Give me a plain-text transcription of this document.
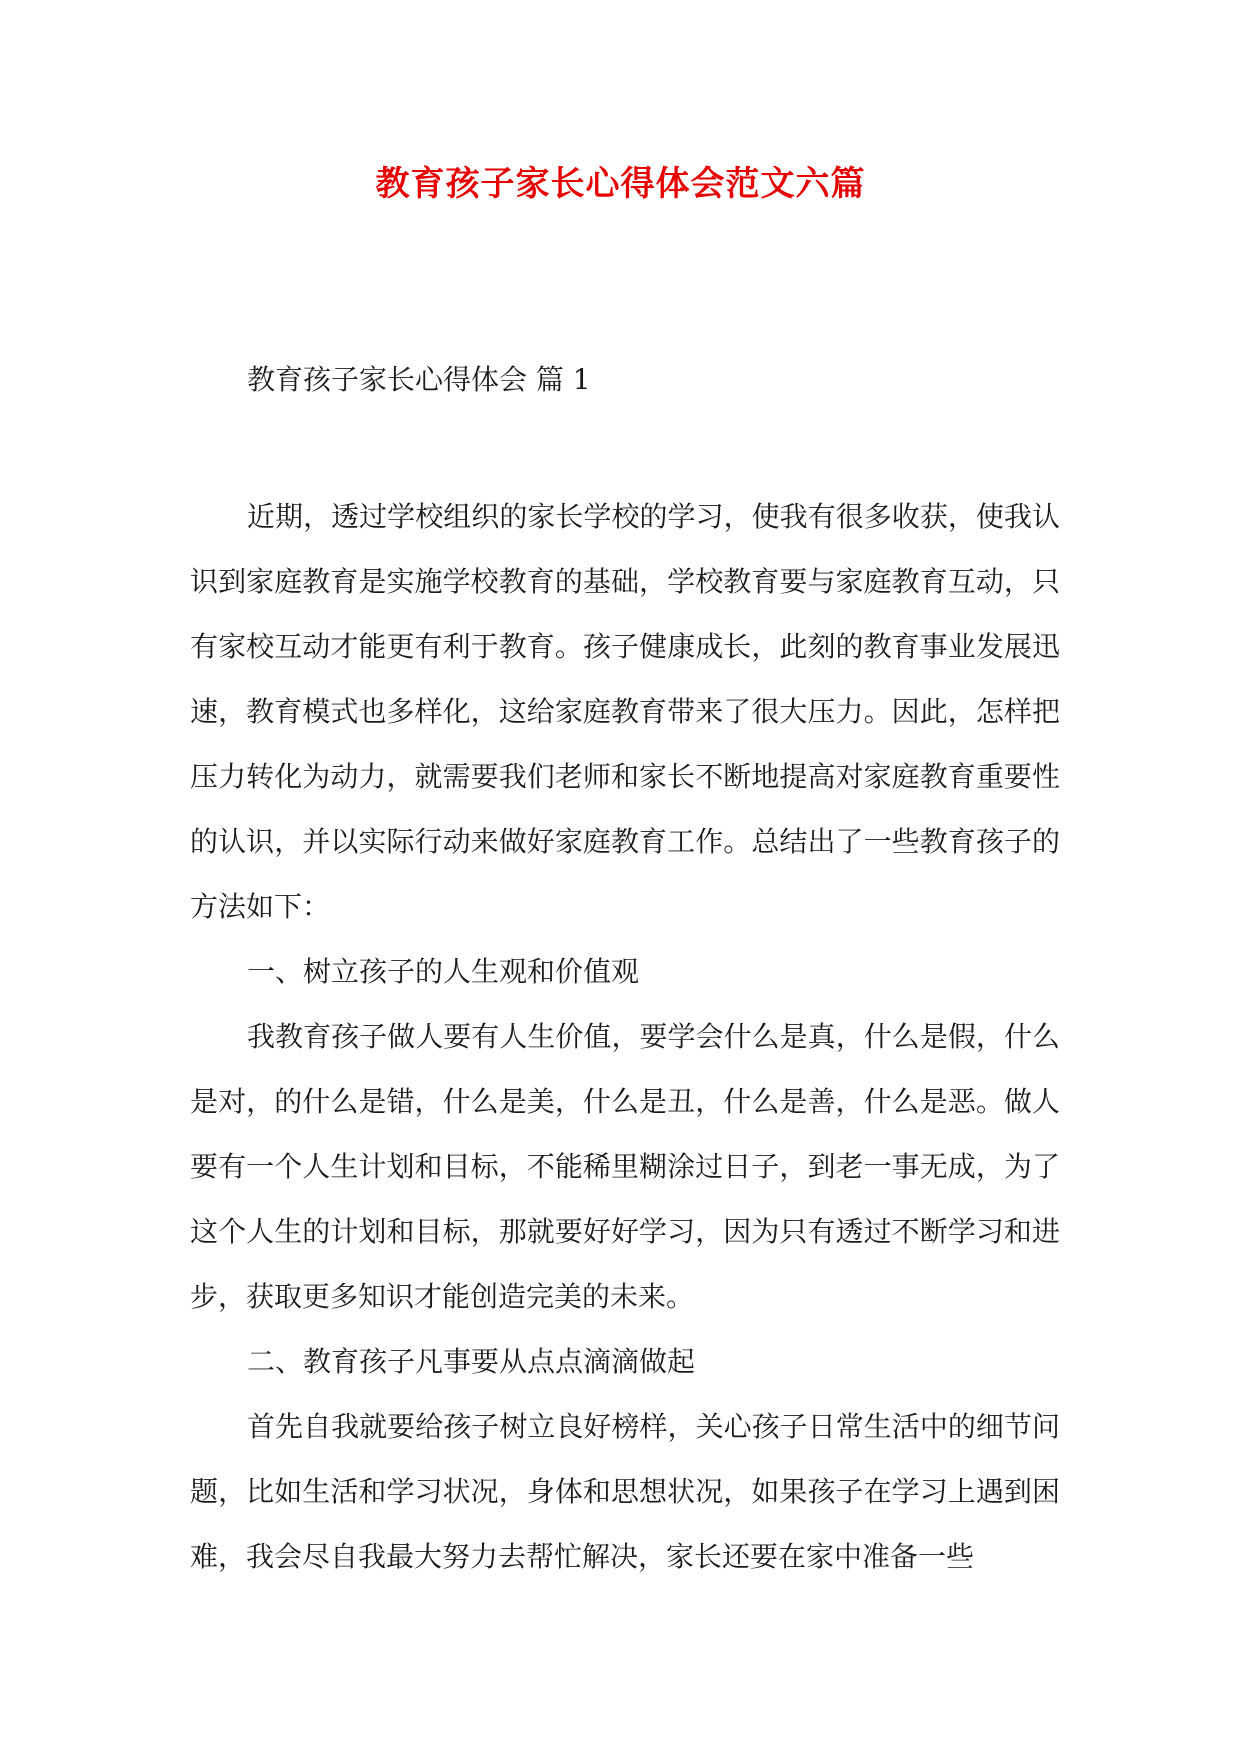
教育孩子家长心得体会范文六篇
教育孩子家长心得体会 篇 1

近期，透过学校组织的家长学校的学习，使我有很多收获，使我认识到家庭教育是实施学校教育的基础，学校教育要与家庭教育互动，只有家校互动才能更有利于教育。孩子健康成长，此刻的教育事业发展迅速，教育模式也多样化，这给家庭教育带来了很大压力。因此，怎样把压力转化为动力，就需要我们老师和家长不断地提高对家庭教育重要性的认识，并以实际行动来做好家庭教育工作。总结出了一些教育孩子的方法如下：

一、树立孩子的人生观和价值观

我教育孩子做人要有人生价值，要学会什么是真，什么是假，什么是对，的什么是错，什么是美，什么是丑，什么是善，什么是恶。做人要有一个人生计划和目标，不能稀里糊涂过日子，到老一事无成，为了这个人生的计划和目标，那就要好好学习，因为只有透过不断学习和进步，获取更多知识才能创造完美的未来。

二、教育孩子凡事要从点点滴滴做起

首先自我就要给孩子树立良好榜样，关心孩子日常生活中的细节问题，比如生活和学习状况，身体和思想状况，如果孩子在学习上遇到困难，我会尽自我最大努力去帮忙解决，家长还要在家中准备一些
